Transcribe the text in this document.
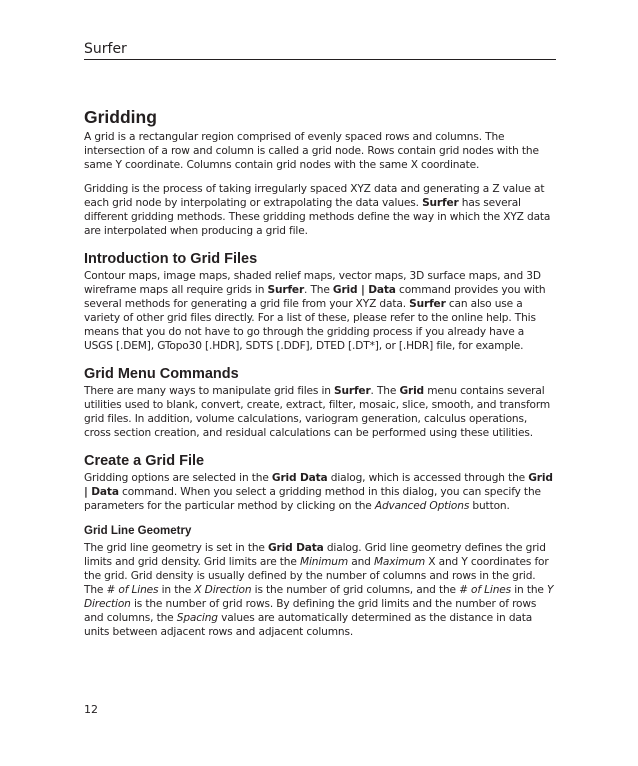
Surfer
Gridding

A grid is a rectangular region comprised of evenly spaced rows and columns. The intersection of a row and column is called a grid node. Rows contain grid nodes with the same Y coordinate. Columns contain grid nodes with the same X coordinate.

Gridding is the process of taking irregularly spaced XYZ data and generating a Z value at each grid node by interpolating or extrapolating the data values. Surfer has several different gridding methods. These gridding methods define the way in which the XYZ data are interpolated when producing a grid file.

Introduction to Grid Files

Contour maps, image maps, shaded relief maps, vector maps, 3D surface maps, and 3D wireframe maps all require grids in Surfer. The Grid | Data command provides you with several methods for generating a grid file from your XYZ data. Surfer can also use a variety of other grid files directly. For a list of these, please refer to the online help. This means that you do not have to go through the gridding process if you already have a USGS [.DEM], GTopo30 [.HDR], SDTS [.DDF], DTED [.DT*], or [.HDR] file, for example.

Grid Menu Commands

There are many ways to manipulate grid files in Surfer. The Grid menu contains several utilities used to blank, convert, create, extract, filter, mosaic, slice, smooth, and transform grid files. In addition, volume calculations, variogram generation, calculus operations, cross section creation, and residual calculations can be performed using these utilities.

Create a Grid File

Gridding options are selected in the Grid Data dialog, which is accessed through the Grid | Data command. When you select a gridding method in this dialog, you can specify the parameters for the particular method by clicking on the Advanced Options button.

Grid Line Geometry

The grid line geometry is set in the Grid Data dialog. Grid line geometry defines the grid limits and grid density. Grid limits are the Minimum and Maximum X and Y coordinates for the grid. Grid density is usually defined by the number of columns and rows in the grid. The # of Lines in the X Direction is the number of grid columns, and the # of Lines in the Y Direction is the number of grid rows. By defining the grid limits and the number of rows and columns, the Spacing values are automatically determined as the distance in data units between adjacent rows and adjacent columns.

12
